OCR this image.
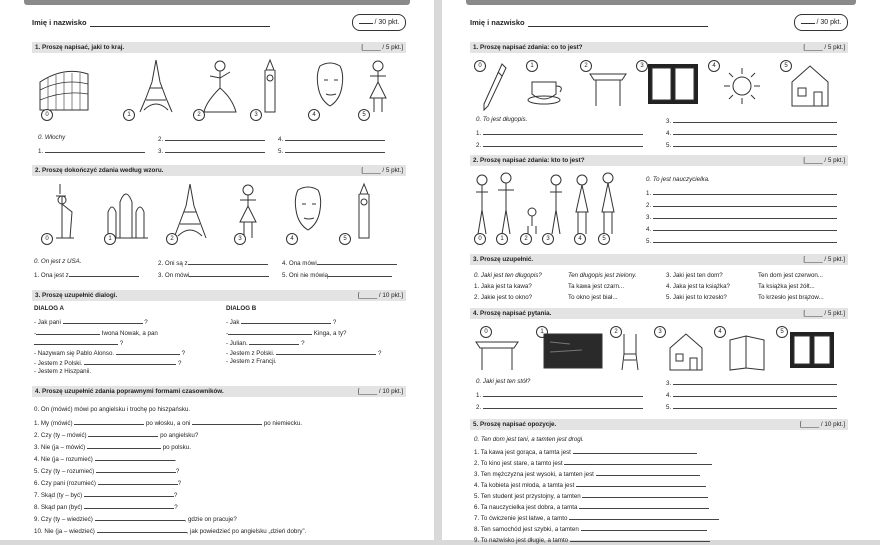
Imię i nazwisko	/ 30 pkt.
1. Proszę napisać, jaki to kraj.	[_____ / 5 pkt.]
0	1	2	3	4	5
0. Włochy
1.
2.
3.
4.
5.
2. Proszę dokończyć zdania według wzoru.	[_____ / 5 pkt.]
0	1	2	3	4	5
0. On jest z USA.
1. Ona jest z
2. Oni są z
3. On mówi
4. Ona mówi
5. Oni nie mówią
3. Proszę uzupełnić dialogi.	[_____ / 10 pkt.]
DIALOG A
- Jak pani	?
-	Iwona Nowak, a pan
?
- Nazywam się Pablo Alonso.	?
- Jestem z Polski.	?
- Jestem z Hiszpanii.
DIALOG B
- Jak	?
-	Kinga, a ty?
- Julian.	?
- Jestem z Polski.	?
- Jestem z Francji.
4. Proszę uzupełnić zdania poprawnymi formami czasowników.	[_____ / 10 pkt.]
0. On (mówić) mówi po angielsku i trochę po hiszpańsku.
1. My (mówić)	po włosku, a oni	po niemiecku.
2. Czy (ty – mówić)	po angielsku?
3. Nie (ja – mówić)	po polsku.
4. Nie (ja – rozumieć)	.
5. Czy (ty – rozumieć)	?
6. Czy pani (rozumieć)	?
7. Skąd (ty – być)	?
8. Skąd pan (być)	?
9. Czy (ty – wiedzieć)	, gdzie on pracuje?
10. Nie (ja – wiedzieć)	, jak powiedzieć po angielsku „dzień dobry”.
Imię i nazwisko	/ 30 pkt.
1. Proszę napisać zdania: co to jest?	[_____ / 5 pkt.]
0	1	2	3	4	5
0. To jest długopis.
1.
2.
3.
4.
5.
2. Proszę napisać zdania: kto to jest?	[_____ / 5 pkt.]
0	1	2	3	4	5
0. To jest nauczycielka.
1.
2.
3.
4.
5.
3. Proszę uzupełnić.	[_____ / 5 pkt.]
0. Jaki jest ten długopis?	Ten długopis jest zielony.	3. Jaki jest ten dom?	Ten dom jest czerwon...
1. Jaka jest ta kawa?	Ta kawa jest czarn...	4. Jaka jest ta książka?	Ta książka jest żółt...
2. Jakie jest to okno?	To okno jest biał...	5. Jaki jest to krzesło?	To krzesło jest brązow...
4. Proszę napisać pytania.	[_____ / 5 pkt.]
0	1	2	3	4	5
0. Jaki jest ten stół?
1.
2.
3.
4.
5.
5. Proszę napisać opozycje.	[_____ / 10 pkt.]
0. Ten dom jest tani, a tamten jest drogi.
1. Ta kawa jest gorąca, a tamta jest
2. To kino jest stare, a tamto jest
3. Ten mężczyzna jest wysoki, a tamten jest
4. Ta kobieta jest młoda, a tamta jest
5. Ten student jest przystojny, a tamten
6. Ta nauczycielka jest dobra, a tamta
7. To ćwiczenie jest łatwe, a tamto
8. Ten samochód jest szybki, a tamten
9. To nazwisko jest długie, a tamto
